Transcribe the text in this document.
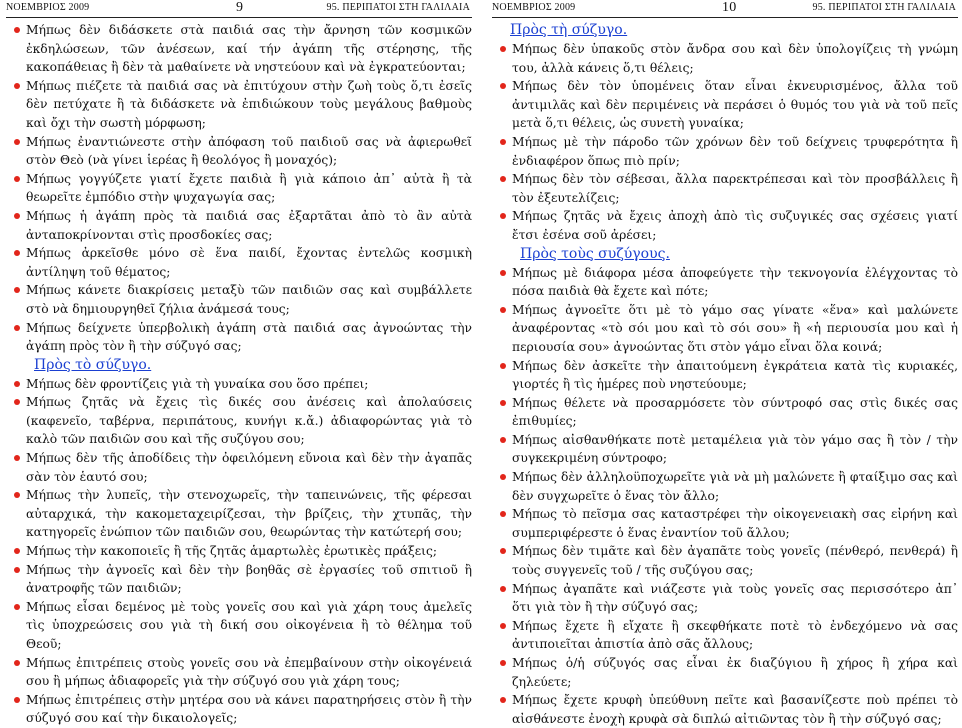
ΝΟΕΜΒΡΙΟΣ 2009	9	95. ΠΕΡΙΠΑΤΟΙ ΣΤΗ ΓΑΛΙΛΑΙΑ
Μήπως δὲν διδάσκετε στὰ παιδιά σας τὴν ἄρνηση τῶν κοσμικῶν ἐκδηλώσεων, τῶν ἀνέσεων, καί τήν ἀγάπη τῆς στέρησης, τῆς κακοπάθειας ἢ δὲν τὰ μαθαίνετε νὰ νηστεύουν καὶ νὰ ἐγκρατεύονται;
Μήπως πιέζετε τὰ παιδιά σας νὰ ἐπιτύχουν στὴν ζωὴ τοὺς ὅ,τι ἐσεῖς δὲν πετύχατε ἢ τὰ διδάσκετε νὰ ἐπιδιώκουν τοὺς μεγάλους βαθμοὺς καὶ ὄχι τὴν σωστὴ μόρφωση;
Μήπως ἐναντιώνεστε στὴν ἀπόφαση τοῦ παιδιοῦ σας νὰ ἀφιερωθεῖ στὸν Θεὸ (νὰ γίνει ἱερέας ἢ θεολόγος ἢ μοναχός);
Μήπως γογγύζετε γιατί ἔχετε παιδιὰ ἢ γιὰ κάποιο ἀπ᾽ αὐτὰ ἢ τὰ θεωρεῖτε ἐμπόδιο στὴν ψυχαγωγία σας;
Μήπως ἡ ἀγάπη πρὸς τὰ παιδιά σας ἐξαρτᾶται ἀπὸ τὸ ἂν αὐτὰ ἀνταποκρίνονται στὶς προσδοκίες σας;
Μήπως ἀρκεῖσθε μόνο σὲ ἕνα παιδί, ἔχοντας ἐντελῶς κοσμικὴ ἀντίληψη τοῦ θέματος;
Μήπως κάνετε διακρίσεις μεταξὺ τῶν παιδιῶν σας καὶ συμβάλλετε στὸ νὰ δημιουργηθεῖ ζήλια ἀνάμεσά τους;
Μήπως δείχνετε ὑπερβολικὴ ἀγάπη στὰ παιδιά σας ἀγνοώντας τὴν ἀγάπη πρὸς τὸν ἢ τὴν σύζυγό σας;
Πρὸς τὸ σύζυγο.
Μήπως δὲν φροντίζεις γιὰ τὴ γυναίκα σου ὅσο πρέπει;
Μήπως ζητᾶς νὰ ἔχεις τὶς δικές σου ἀνέσεις καὶ ἀπολαύσεις (καφενεῖο, ταβέρνα, περιπάτους, κυνήγι κ.ἄ.) ἀδιαφορώντας γιὰ τὸ καλὸ τῶν παιδιῶν σου καὶ τῆς συζύγου σου;
Μήπως δὲν τῆς ἀποδίδεις τὴν ὀφειλόμενη εὔνοια καὶ δὲν τὴν ἀγαπᾶς σὰν τὸν ἑαυτό σου;
Μήπως τὴν λυπεῖς, τὴν στενοχωρεῖς, τὴν ταπεινώνεις, τῆς φέρεσαι αὐταρχικά, τὴν κακομεταχειρίζεσαι, τὴν βρίζεις, τὴν χτυπᾶς, τὴν κατηγορεῖς ἐνώπιον τῶν παιδιῶν σου, θεωρώντας τὴν κατώτερή σου;
Μήπως τὴν κακοποιεῖς ἢ τῆς ζητᾶς ἁμαρτωλὲς ἐρωτικὲς πράξεις;
Μήπως τὴν ἀγνοεῖς καὶ δὲν τὴν βοηθᾶς σὲ ἐργασίες τοῦ σπιτιοῦ ἢ ἀνατροφῆς τῶν παιδιῶν;
Μήπως εἶσαι δεμένος μὲ τοὺς γονεῖς σου καὶ γιὰ χάρη τους ἀμελεῖς τὶς ὑποχρεώσεις σου γιὰ τὴ δική σου οἰκογένεια ἢ τὸ θέλημα τοῦ Θεοῦ;
Μήπως ἐπιτρέπεις στοὺς γονεῖς σου νὰ ἐπεμβαίνουν στὴν οἰκογένειά σου ἢ μήπως ἀδιαφορεῖς γιὰ τὴν σύζυγό σου γιὰ χάρη τους;
Μήπως ἐπιτρέπεις στὴν μητέρα σου νὰ κάνει παρατηρήσεις στὸν ἢ τὴν σύζυγό σου καί τὴν δικαιολογεῖς;
ΝΟΕΜΒΡΙΟΣ 2009	10	95. ΠΕΡΙΠΑΤΟΙ ΣΤΗ ΓΑΛΙΛΑΙΑ
Πρὸς τὴ σύζυγο.
Μήπως δὲν ὑπακοῦς στὸν ἄνδρα σου καὶ δὲν ὑπολογίζεις τὴ γνώμη του, ἀλλὰ κάνεις ὅ,τι θέλεις;
Μήπως δὲν τὸν ὑπομένεις ὅταν εἶναι ἐκνευρισμένος, ἄλλα τοῦ ἀντιμιλᾶς καὶ δὲν περιμένεις νὰ περάσει ὁ θυμός του γιὰ νὰ τοῦ πεῖς μετὰ ὅ,τι θέλεις, ὡς συνετὴ γυναίκα;
Μήπως μὲ τὴν πάροδο τῶν χρόνων δὲν τοῦ δείχνεις τρυφερότητα ἢ ἐνδιαφέρον ὅπως πιὸ πρίν;
Μήπως δὲν τὸν σέβεσαι, ἄλλα παρεκτρέπεσαι καὶ τὸν προσβάλλεις ἢ τὸν ἐξευτελίζεις;
Μήπως ζητᾶς νὰ ἔχεις ἀποχὴ ἀπὸ τὶς συζυγικές σας σχέσεις γιατί ἔτσι ἐσένα σοῦ ἀρέσει;
Πρὸς τοὺς συζύγους.
Μήπως μὲ διάφορα μέσα ἀποφεύγετε τὴν τεκνογονία ἐλέγχοντας τὸ πόσα παιδιὰ θὰ ἔχετε καὶ πότε;
Μήπως ἀγνοεῖτε ὅτι μὲ τὸ γάμο σας γίνατε «ἕνα» καὶ μαλώνετε ἀναφέροντας «τὸ σόι μου καὶ τὸ σόι σου» ἢ «ἡ περιουσία μου καὶ ἡ περιουσία σου» ἀγνοώντας ὅτι στὸν γάμο εἶναι ὅλα κοινά;
Μήπως δὲν ἀσκεῖτε τὴν ἀπαιτούμενη ἐγκράτεια κατὰ τὶς κυριακές, γιορτές ἢ τὶς ἡμέρες ποὺ νηστεύουμε;
Μήπως θέλετε νὰ προσαρμόσετε τὸν σύντροφό σας στὶς δικές σας ἐπιθυμίες;
Μήπως αἰσθανθήκατε ποτὲ μεταμέλεια γιὰ τὸν γάμο σας ἢ τὸν / τὴν συγκεκριμένη σύντροφο;
Μήπως δὲν ἀλληλοϋποχωρεῖτε γιὰ νὰ μὴ μαλώνετε ἢ φταίξιμο σας καὶ δὲν συγχωρεῖτε ὁ ἕνας τὸν ἄλλο;
Μήπως τὸ πεῖσμα σας καταστρέφει τὴν οἰκογενειακὴ σας εἰρήνη καὶ συμπεριφέρεστε ὁ ἕνας ἐναντίον τοῦ ἄλλου;
Μήπως δὲν τιμᾶτε καὶ δὲν ἀγαπᾶτε τοὺς γονεῖς (πένθερό, πενθερά) ἢ τοὺς συγγενεῖς τοῦ / τῆς συζύγου σας;
Μήπως ἀγαπᾶτε καὶ νιάζεστε γιὰ τοὺς γονεῖς σας περισσότερο ἀπ᾽ ὅτι γιὰ τὸν ἢ τὴν σύζυγό σας;
Μήπως ἔχετε ἢ εἴχατε ἢ σκεφθήκατε ποτὲ τὸ ἐνδεχόμενο νὰ σας ἀντιποιεῖται ἀπιστία ἀπὸ σᾶς ἄλλους;
Μήπως ὁ/ἡ σύζυγός σας εἶναι ἐκ διαζύγιου ἢ χήρος ἢ χήρα καὶ ζηλεύετε;
Μήπως ἔχετε κρυφὴ ὑπεύθυνη πεῖτε καὶ βασανίζεστε ποὺ πρέπει τὸ αἰσθάνεστε ἐνοχὴ κρυφὰ σὰ διπλώ αἰτιῶντας τὸν ἢ τὴν σύζυγό σας;
